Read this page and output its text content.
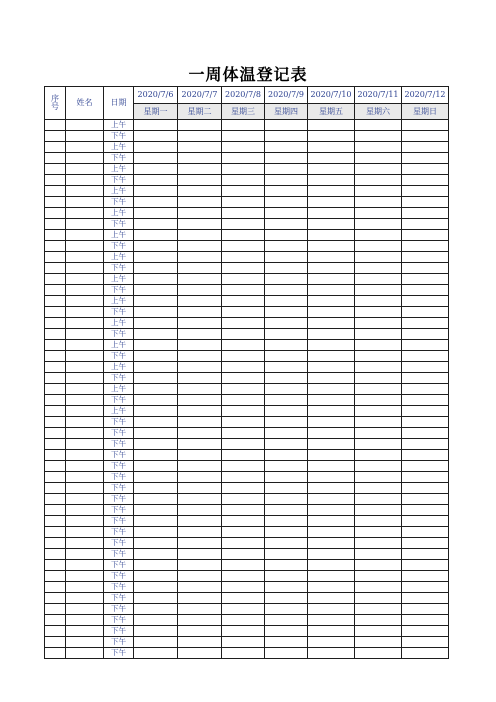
一周体温登记表
序
号	姓名	日期	2020/7/6	2020/7/7	2020/7/8	2020/7/9	2020/7/10	2020/7/11	2020/7/12
			星期一	星期二	星期三	星期四	星期五	星期六	星期日
		上午							
		下午							
		上午							
		下午							
		上午							
		下午							
		上午							
		下午							
		上午							
		下午							
		上午							
		下午							
		上午							
		下午							
		上午							
		下午							
		上午							
		下午							
		上午							
		下午							
		上午							
		下午							
		上午							
		下午							
		上午							
		下午							
		上午							
		下午							
		下午							
		下午							
		下午							
		下午							
		下午							
		下午							
		下午							
		下午							
		下午							
		下午							
		下午							
		下午							
		下午							
		下午							
		下午							
		下午							
		下午							
		下午							
		下午							
		下午							
		下午							
